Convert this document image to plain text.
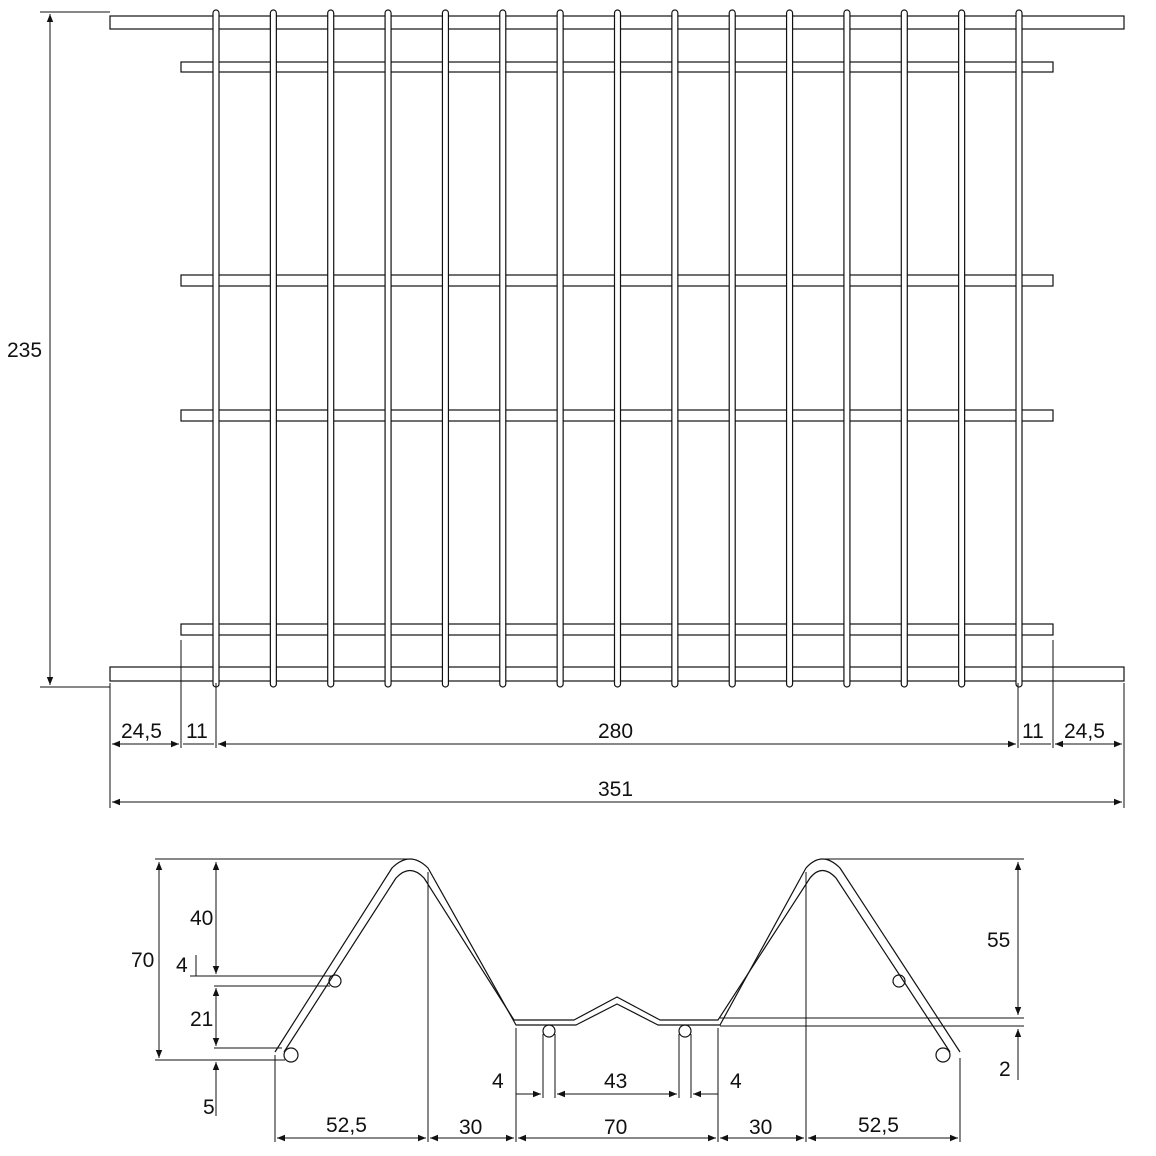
235
24,5 11	280	11 24,5
351
70
40
4
21
5
55
2
4	43	4
52,5	30	70	30	52,5
